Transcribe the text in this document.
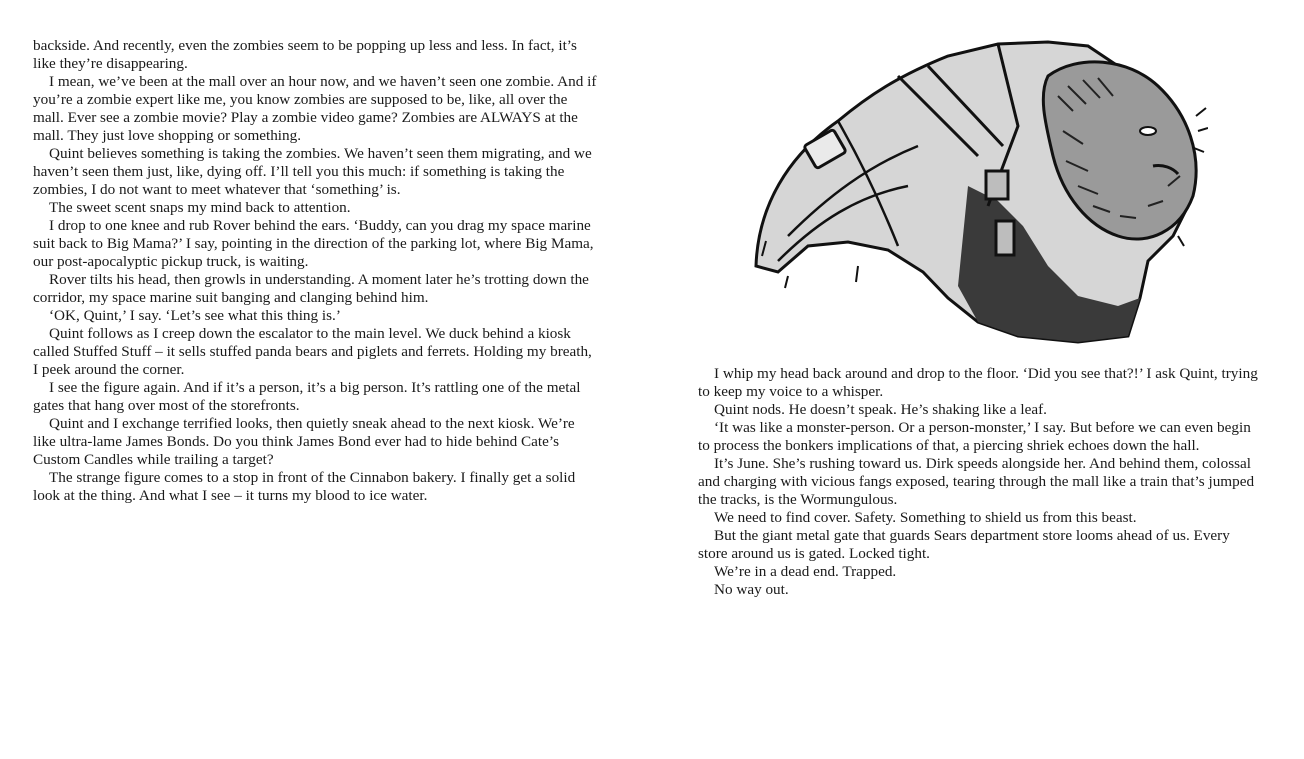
backside. And recently, even the zombies seem to be popping up less and less. In fact, it’s like they’re disappearing.

I mean, we’ve been at the mall over an hour now, and we haven’t seen one zombie. And if you’re a zombie expert like me, you know zombies are supposed to be, like, all over the mall. Ever see a zombie movie? Play a zombie video game? Zombies are ALWAYS at the mall. They just love shopping or something.

Quint believes something is taking the zombies. We haven’t seen them migrating, and we haven’t seen them just, like, dying off. I’ll tell you this much: if something is taking the zombies, I do not want to meet whatever that ‘something’ is.

The sweet scent snaps my mind back to attention.

I drop to one knee and rub Rover behind the ears. ‘Buddy, can you drag my space marine suit back to Big Mama?’ I say, pointing in the direction of the parking lot, where Big Mama, our post-apocalyptic pickup truck, is waiting.

Rover tilts his head, then growls in understanding. A moment later he’s trotting down the corridor, my space marine suit banging and clanging behind him.

‘OK, Quint,’ I say. ‘Let’s see what this thing is.’

Quint follows as I creep down the escalator to the main level. We duck behind a kiosk called Stuffed Stuff – it sells stuffed panda bears and piglets and ferrets. Holding my breath, I peek around the corner.

I see the figure again. And if it’s a person, it’s a big person. It’s rattling one of the metal gates that hang over most of the storefronts.

Quint and I exchange terrified looks, then quietly sneak ahead to the next kiosk. We’re like ultra-lame James Bonds. Do you think James Bond ever had to hide behind Cate’s Custom Candles while trailing a target?

The strange figure comes to a stop in front of the Cinnabon bakery. I finally get a solid look at the thing. And what I see – it turns my blood to ice water.

I whip my head back around and drop to the floor. ‘Did you see that?!’ I ask Quint, trying to keep my voice to a whisper.

Quint nods. He doesn’t speak. He’s shaking like a leaf.

‘It was like a monster-person. Or a person-monster,’ I say. But before we can even begin to process the bonkers implications of that, a piercing shriek echoes down the hall.

It’s June. She’s rushing toward us. Dirk speeds alongside her. And behind them, colossal and charging with vicious fangs exposed, tearing through the mall like a train that’s jumped the tracks, is the Wormungulous.

We need to find cover. Safety. Something to shield us from this beast.

But the giant metal gate that guards Sears department store looms ahead of us. Every store around us is gated. Locked tight.

We’re in a dead end. Trapped.

No way out.
